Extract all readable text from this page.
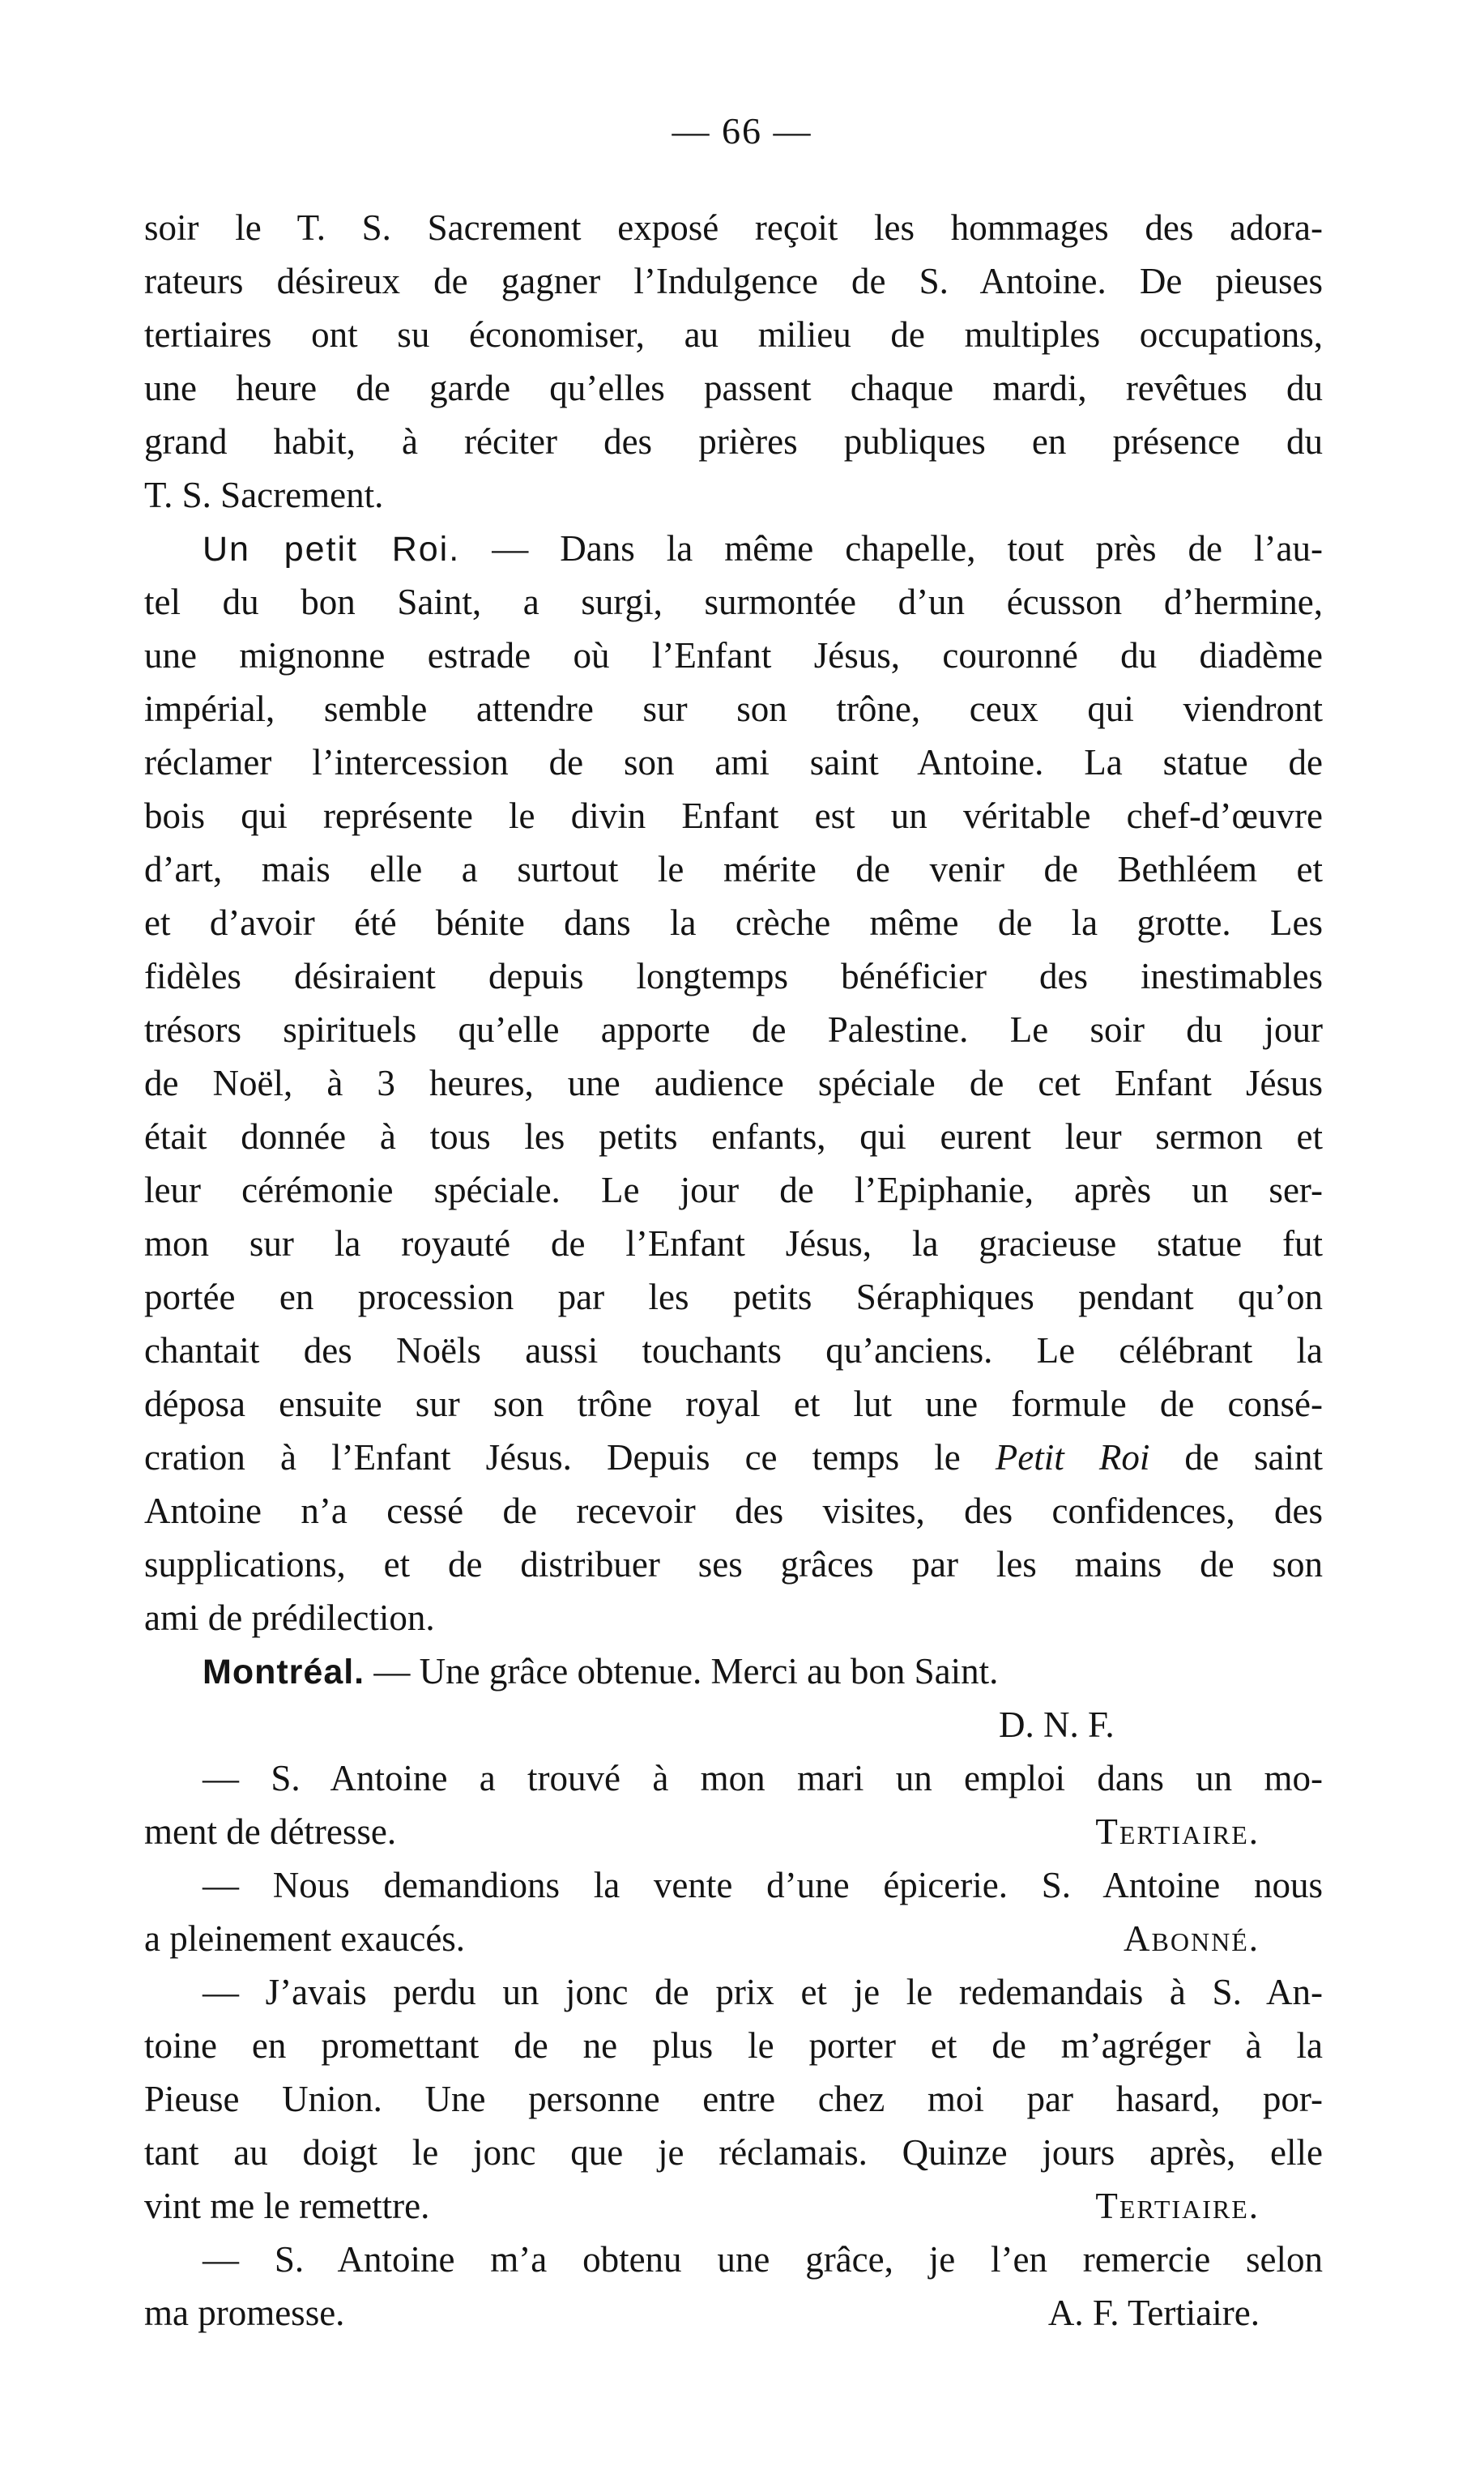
— 66 —
soir le T. S. Sacrement exposé reçoit les hommages des adora-
rateurs désireux de gagner l’Indulgence de S. Antoine. De pieuses
tertiaires ont su économiser, au milieu de multiples occupations,
une heure de garde qu’elles passent chaque mardi, revêtues du
grand habit, à réciter des prières publiques en présence du
T. S. Sacrement.
Un petit Roi. — Dans la même chapelle, tout près de l’au-
tel du bon Saint, a surgi, surmontée d’un écusson d’hermine,
une mignonne estrade où l’Enfant Jésus, couronné du diadème
impérial, semble attendre sur son trône, ceux qui viendront
réclamer l’intercession de son ami saint Antoine. La statue de
bois qui représente le divin Enfant est un véritable chef-d’œuvre
d’art, mais elle a surtout le mérite de venir de Bethléem et
et d’avoir été bénite dans la crèche même de la grotte. Les
fidèles désiraient depuis longtemps bénéficier des inestimables
trésors spirituels qu’elle apporte de Palestine. Le soir du jour
de Noël, à 3 heures, une audience spéciale de cet Enfant Jésus
était donnée à tous les petits enfants, qui eurent leur sermon et
leur cérémonie spéciale. Le jour de l’Epiphanie, après un ser-
mon sur la royauté de l’Enfant Jésus, la gracieuse statue fut
portée en procession par les petits Séraphiques pendant qu’on
chantait des Noëls aussi touchants qu’anciens. Le célébrant la
déposa ensuite sur son trône royal et lut une formule de consé-
cration à l’Enfant Jésus. Depuis ce temps le Petit Roi de saint
Antoine n’a cessé de recevoir des visites, des confidences, des
supplications, et de distribuer ses grâces par les mains de son
ami de prédilection.
Montréal. — Une grâce obtenue. Merci au bon Saint.
D. N. F.
— S. Antoine a trouvé à mon mari un emploi dans un mo-
ment de détresse.	Tertiaire.
— Nous demandions la vente d’une épicerie. S. Antoine nous
a pleinement exaucés.	Abonné.
— J’avais perdu un jonc de prix et je le redemandais à S. An-
toine en promettant de ne plus le porter et de m’agréger à la
Pieuse Union. Une personne entre chez moi par hasard, por-
tant au doigt le jonc que je réclamais. Quinze jours après, elle
vint me le remettre.	Tertiaire.
— S. Antoine m’a obtenu une grâce, je l’en remercie selon
ma promesse.	A. F. Tertiaire.
